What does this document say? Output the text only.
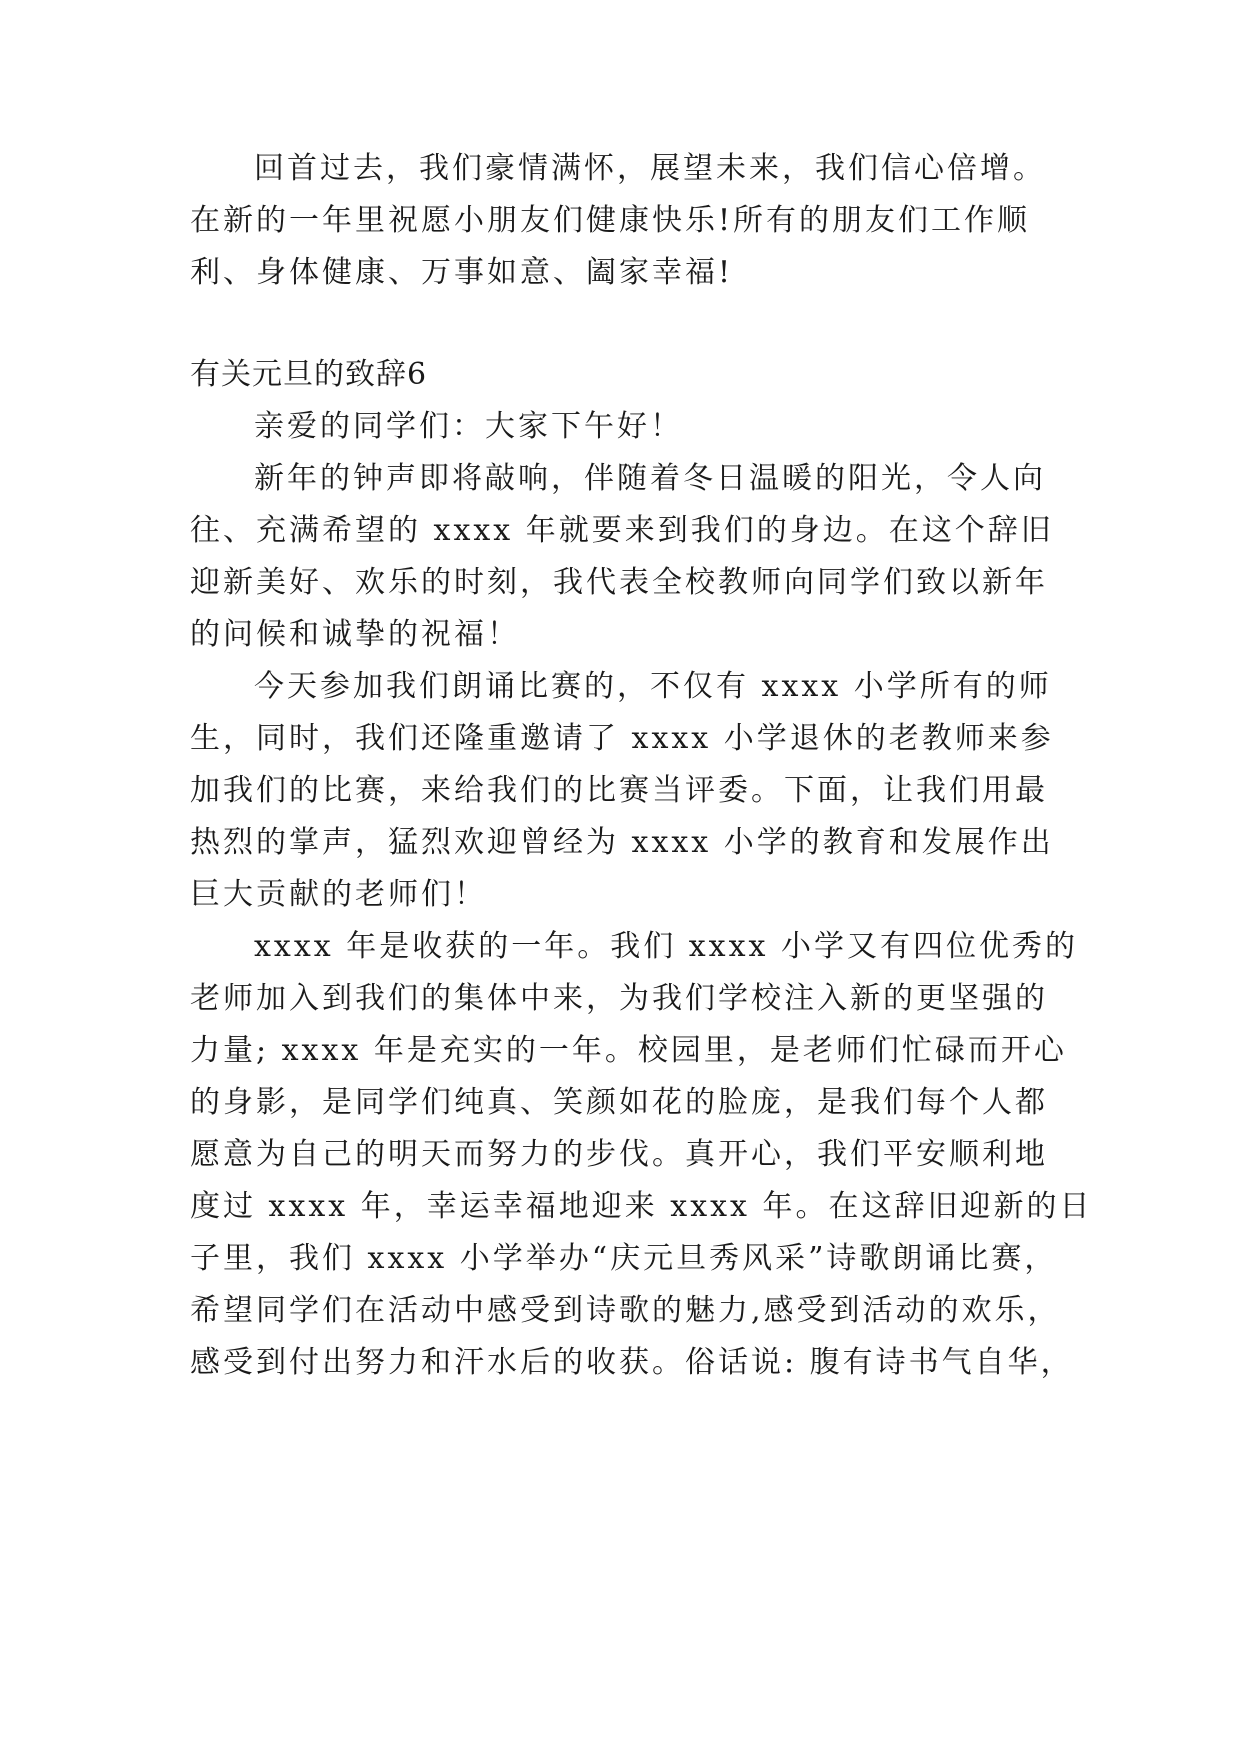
回首过去，我们豪情满怀，展望未来，我们信心倍增。
在新的一年里祝愿小朋友们健康快乐!所有的朋友们工作顺
利、身体健康、万事如意、阖家幸福!
有关元旦的致辞6
亲爱的同学们：大家下午好！
新年的钟声即将敲响，伴随着冬日温暖的阳光，令人向
往、充满希望的 xxxx 年就要来到我们的身边。在这个辞旧
迎新美好、欢乐的时刻，我代表全校教师向同学们致以新年
的问候和诚挚的祝福！
今天参加我们朗诵比赛的，不仅有 xxxx 小学所有的师
生，同时，我们还隆重邀请了 xxxx 小学退休的老教师来参
加我们的比赛，来给我们的比赛当评委。下面，让我们用最
热烈的掌声，猛烈欢迎曾经为 xxxx 小学的教育和发展作出
巨大贡献的老师们！
xxxx 年是收获的一年。我们 xxxx 小学又有四位优秀的
老师加入到我们的集体中来，为我们学校注入新的更坚强的
力量; xxxx 年是充实的一年。校园里，是老师们忙碌而开心
的身影，是同学们纯真、笑颜如花的脸庞，是我们每个人都
愿意为自己的明天而努力的步伐。真开心，我们平安顺利地
度过 xxxx 年，幸运幸福地迎来 xxxx 年。在这辞旧迎新的日
子里，我们 xxxx 小学举办“庆元旦秀风采”诗歌朗诵比赛，
希望同学们在活动中感受到诗歌的魅力,感受到活动的欢乐，
感受到付出努力和汗水后的收获。俗话说: 腹有诗书气自华，
